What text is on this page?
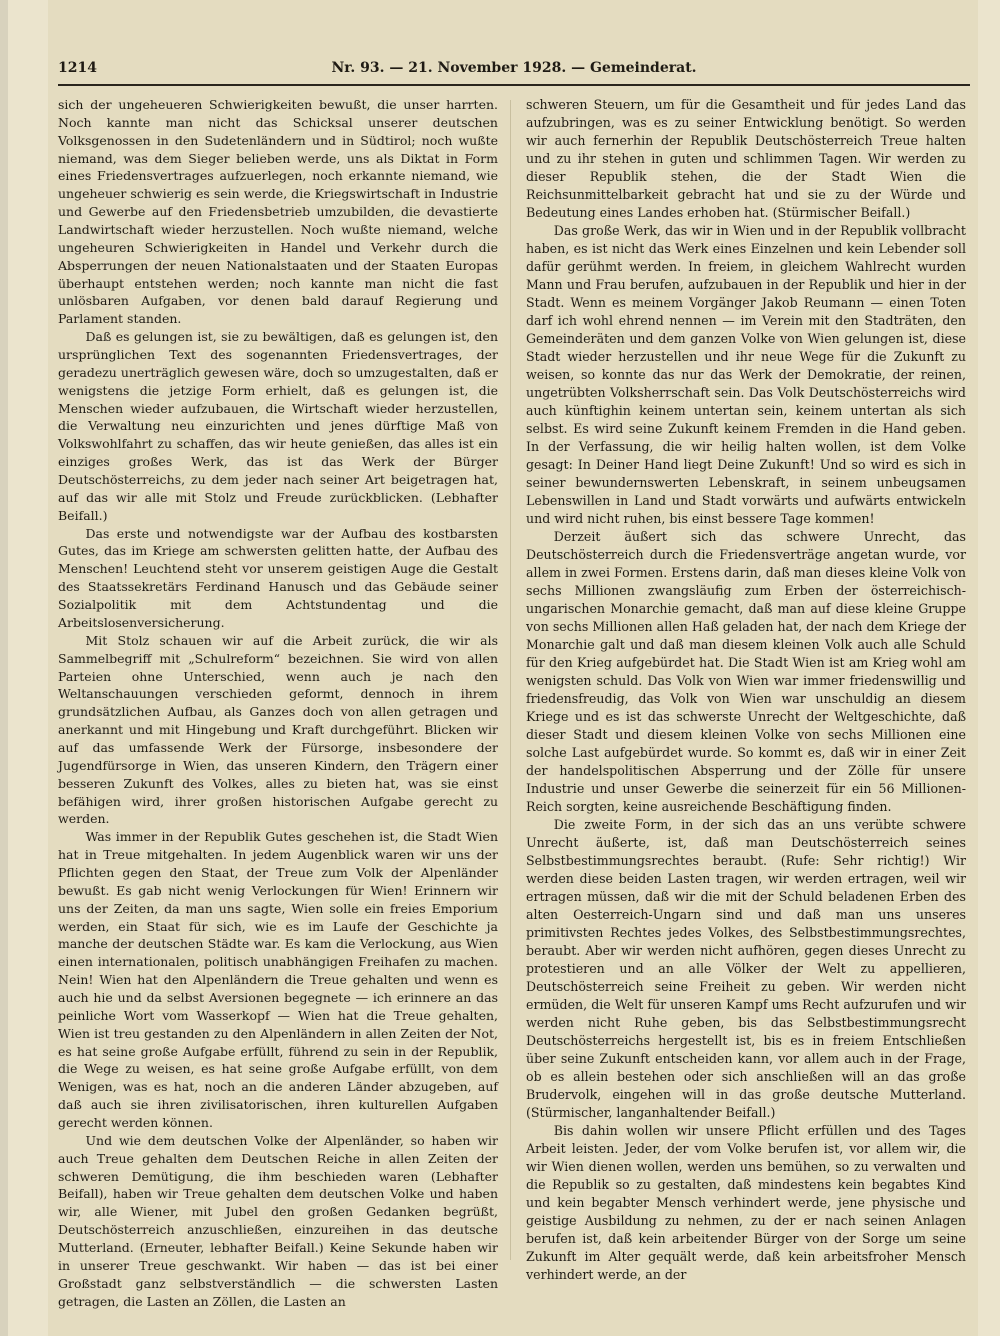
1214	Nr. 93. — 21. November 1928. — Gemeinderat.

sich der ungeheueren Schwierigkeiten bewußt, die unser harrten. Noch kannte man nicht das Schicksal unserer deutschen Volksgenossen in den Sudetenländern und in Südtirol; noch wußte niemand, was dem Sieger belieben werde, uns als Diktat in Form eines Friedensvertrages aufzuerlegen, noch erkannte niemand, wie ungeheuer schwierig es sein werde, die Kriegswirtschaft in Industrie und Gewerbe auf den Friedensbetrieb umzubilden, die devastierte Landwirtschaft wieder herzustellen. Noch wußte niemand, welche ungeheuren Schwierigkeiten in Handel und Verkehr durch die Absperrungen der neuen Nationalstaaten und der Staaten Europas überhaupt entstehen werden; noch kannte man nicht die fast unlösbaren Aufgaben, vor denen bald darauf Regierung und Parlament standen.

Daß es gelungen ist, sie zu bewältigen, daß es gelungen ist, den ursprünglichen Text des sogenannten Friedensvertrages, der geradezu unerträglich gewesen wäre, doch so umzugestalten, daß er wenigstens die jetzige Form erhielt, daß es gelungen ist, die Menschen wieder aufzubauen, die Wirtschaft wieder herzustellen, die Verwaltung neu einzurichten und jenes dürftige Maß von Volkswohlfahrt zu schaffen, das wir heute genießen, das alles ist ein einziges großes Werk, das ist das Werk der Bürger Deutschösterreichs, zu dem jeder nach seiner Art beigetragen hat, auf das wir alle mit Stolz und Freude zurückblicken. (Lebhafter Beifall.)

Das erste und notwendigste war der Aufbau des kostbarsten Gutes, das im Kriege am schwersten gelitten hatte, der Aufbau des Menschen! Leuchtend steht vor unserem geistigen Auge die Gestalt des Staatssekretärs Ferdinand Hanusch und das Gebäude seiner Sozialpolitik mit dem Achtstundentag und die Arbeitslosenversicherung.

Mit Stolz schauen wir auf die Arbeit zurück, die wir als Sammelbegriff mit „Schulreform“ bezeichnen. Sie wird von allen Parteien ohne Unterschied, wenn auch je nach den Weltanschauungen verschieden geformt, dennoch in ihrem grundsätzlichen Aufbau, als Ganzes doch von allen getragen und anerkannt und mit Hingebung und Kraft durchgeführt. Blicken wir auf das umfassende Werk der Fürsorge, insbesondere der Jugendfürsorge in Wien, das unseren Kindern, den Trägern einer besseren Zukunft des Volkes, alles zu bieten hat, was sie einst befähigen wird, ihrer großen historischen Aufgabe gerecht zu werden.

Was immer in der Republik Gutes geschehen ist, die Stadt Wien hat in Treue mitgehalten. In jedem Augenblick waren wir uns der Pflichten gegen den Staat, der Treue zum Volk der Alpenländer bewußt. Es gab nicht wenig Verlockungen für Wien! Erinnern wir uns der Zeiten, da man uns sagte, Wien solle ein freies Emporium werden, ein Staat für sich, wie es im Laufe der Geschichte ja manche der deutschen Städte war. Es kam die Verlockung, aus Wien einen internationalen, politisch unabhängigen Freihafen zu machen. Nein! Wien hat den Alpenländern die Treue gehalten und wenn es auch hie und da selbst Aversionen begegnete — ich erinnere an das peinliche Wort vom Wasserkopf — Wien hat die Treue gehalten, Wien ist treu gestanden zu den Alpenländern in allen Zeiten der Not, es hat seine große Aufgabe erfüllt, führend zu sein in der Republik, die Wege zu weisen, es hat seine große Aufgabe erfüllt, von dem Wenigen, was es hat, noch an die anderen Länder abzugeben, auf daß auch sie ihren zivilisatorischen, ihren kulturellen Aufgaben gerecht werden können.

Und wie dem deutschen Volke der Alpenländer, so haben wir auch Treue gehalten dem Deutschen Reiche in allen Zeiten der schweren Demütigung, die ihm beschieden waren (Lebhafter Beifall), haben wir Treue gehalten dem deutschen Volke und haben wir, alle Wiener, mit Jubel den großen Gedanken begrüßt, Deutschösterreich anzuschließen, einzureihen in das deutsche Mutterland. (Erneuter, lebhafter Beifall.) Keine Sekunde haben wir in unserer Treue geschwankt. Wir haben — das ist bei einer Großstadt ganz selbstverständlich — die schwersten Lasten getragen, die Lasten an Zöllen, die Lasten an

schweren Steuern, um für die Gesamtheit und für jedes Land das aufzubringen, was es zu seiner Entwicklung benötigt. So werden wir auch fernerhin der Republik Deutschösterreich Treue halten und zu ihr stehen in guten und schlimmen Tagen. Wir werden zu dieser Republik stehen, die der Stadt Wien die Reichsunmittelbarkeit gebracht hat und sie zu der Würde und Bedeutung eines Landes erhoben hat. (Stürmischer Beifall.)

Das große Werk, das wir in Wien und in der Republik vollbracht haben, es ist nicht das Werk eines Einzelnen und kein Lebender soll dafür gerühmt werden. In freiem, in gleichem Wahlrecht wurden Mann und Frau berufen, aufzubauen in der Republik und hier in der Stadt. Wenn es meinem Vorgänger Jakob Reumann — einen Toten darf ich wohl ehrend nennen — im Verein mit den Stadträten, den Gemeinderäten und dem ganzen Volke von Wien gelungen ist, diese Stadt wieder herzustellen und ihr neue Wege für die Zukunft zu weisen, so konnte das nur das Werk der Demokratie, der reinen, ungetrübten Volksherrschaft sein. Das Volk Deutschösterreichs wird auch künftighin keinem untertan sein, keinem untertan als sich selbst. Es wird seine Zukunft keinem Fremden in die Hand geben. In der Verfassung, die wir heilig halten wollen, ist dem Volke gesagt: In Deiner Hand liegt Deine Zukunft! Und so wird es sich in seiner bewundernswerten Lebenskraft, in seinem unbeugsamen Lebenswillen in Land und Stadt vorwärts und aufwärts entwickeln und wird nicht ruhen, bis einst bessere Tage kommen!

Derzeit äußert sich das schwere Unrecht, das Deutschösterreich durch die Friedensverträge angetan wurde, vor allem in zwei Formen. Erstens darin, daß man dieses kleine Volk von sechs Millionen zwangsläufig zum Erben der österreichisch-ungarischen Monarchie gemacht, daß man auf diese kleine Gruppe von sechs Millionen allen Haß geladen hat, der nach dem Kriege der Monarchie galt und daß man diesem kleinen Volk auch alle Schuld für den Krieg aufgebürdet hat. Die Stadt Wien ist am Krieg wohl am wenigsten schuld. Das Volk von Wien war immer friedenswillig und friedensfreudig, das Volk von Wien war unschuldig an diesem Kriege und es ist das schwerste Unrecht der Weltgeschichte, daß dieser Stadt und diesem kleinen Volke von sechs Millionen eine solche Last aufgebürdet wurde. So kommt es, daß wir in einer Zeit der handelspolitischen Absperrung und der Zölle für unsere Industrie und unser Gewerbe die seinerzeit für ein 56 Millionen-Reich sorgten, keine ausreichende Beschäftigung finden.

Die zweite Form, in der sich das an uns verübte schwere Unrecht äußerte, ist, daß man Deutschösterreich seines Selbstbestimmungsrechtes beraubt. (Rufe: Sehr richtig!) Wir werden diese beiden Lasten tragen, wir werden ertragen, weil wir ertragen müssen, daß wir die mit der Schuld beladenen Erben des alten Oesterreich-Ungarn sind und daß man uns unseres primitivsten Rechtes jedes Volkes, des Selbstbestimmungsrechtes, beraubt. Aber wir werden nicht aufhören, gegen dieses Unrecht zu protestieren und an alle Völker der Welt zu appellieren, Deutschösterreich seine Freiheit zu geben. Wir werden nicht ermüden, die Welt für unseren Kampf ums Recht aufzurufen und wir werden nicht Ruhe geben, bis das Selbstbestimmungsrecht Deutschösterreichs hergestellt ist, bis es in freiem Entschließen über seine Zukunft entscheiden kann, vor allem auch in der Frage, ob es allein bestehen oder sich anschließen will an das große Brudervolk, eingehen will in das große deutsche Mutterland. (Stürmischer, langanhaltender Beifall.)

Bis dahin wollen wir unsere Pflicht erfüllen und des Tages Arbeit leisten. Jeder, der vom Volke berufen ist, vor allem wir, die wir Wien dienen wollen, werden uns bemühen, so zu verwalten und die Republik so zu gestalten, daß mindestens kein begabtes Kind und kein begabter Mensch verhindert werde, jene physische und geistige Ausbildung zu nehmen, zu der er nach seinen Anlagen berufen ist, daß kein arbeitender Bürger von der Sorge um seine Zukunft im Alter gequält werde, daß kein arbeitsfroher Mensch verhindert werde, an der
